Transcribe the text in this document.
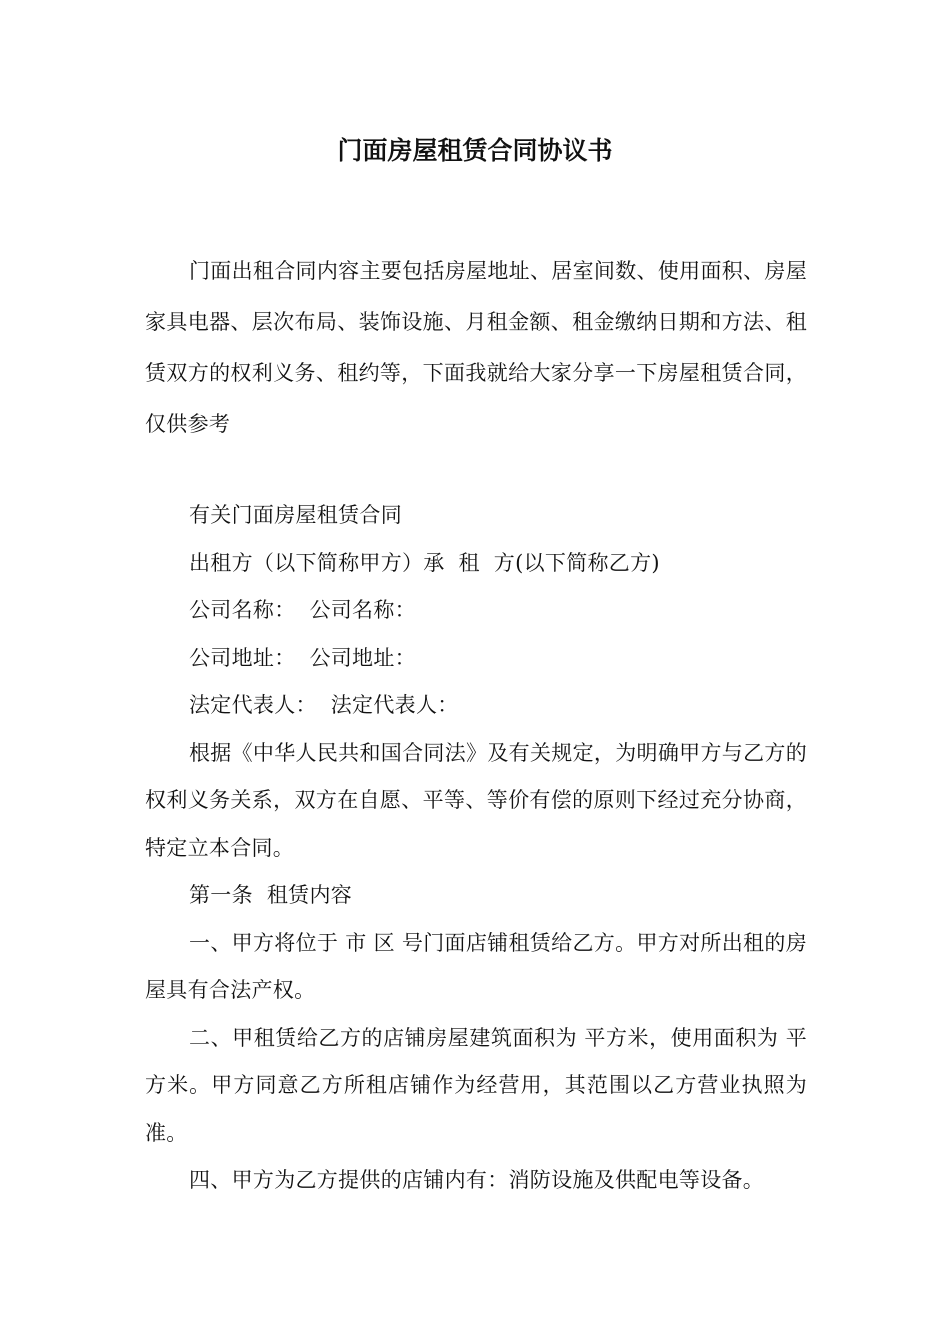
门面房屋租赁合同协议书

门面出租合同内容主要包括房屋地址、居室间数、使用面积、房屋家具电器、层次布局、装饰设施、月租金额、租金缴纳日期和方法、租赁双方的权利义务、租约等，下面我就给大家分享一下房屋租赁合同，仅供参考

有关门面房屋租赁合同

出租方（以下简称甲方）承  租  方(以下简称乙方)

公司名称：  公司名称：

公司地址：  公司地址：

法定代表人：  法定代表人：

根据《中华人民共和国合同法》及有关规定，为明确甲方与乙方的权利义务关系，双方在自愿、平等、等价有偿的原则下经过充分协商，特定立本合同。

第一条  租赁内容

一、甲方将位于 市 区 号门面店铺租赁给乙方。甲方对所出租的房屋具有合法产权。

二、甲租赁给乙方的店铺房屋建筑面积为 平方米，使用面积为 平方米。甲方同意乙方所租店铺作为经营用，其范围以乙方营业执照为准。

四、甲方为乙方提供的店铺内有：消防设施及供配电等设备。
